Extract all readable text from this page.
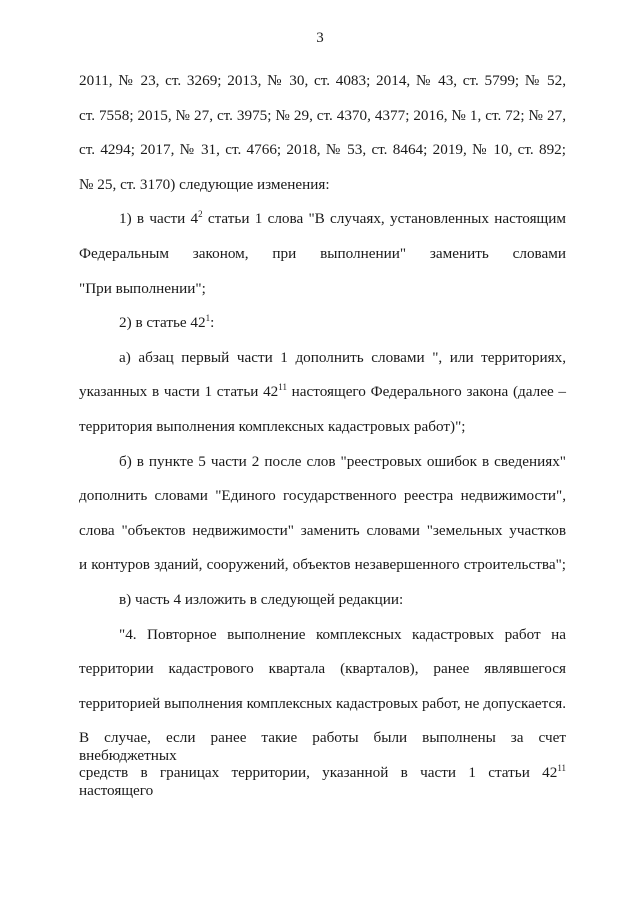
3
2011, № 23, ст. 3269; 2013, № 30, ст. 4083; 2014, № 43, ст. 5799; № 52,
ст. 7558; 2015, № 27, ст. 3975; № 29, ст. 4370, 4377; 2016, № 1, ст. 72; № 27,
ст. 4294; 2017, № 31, ст. 4766; 2018, № 53, ст. 8464; 2019, № 10, ст. 892;
№ 25, ст. 3170) следующие изменения:
1) в части $4^2$ статьи 1 слова "В случаях, установленных настоящим
Федеральным законом, при выполнении" заменить словами
"При выполнении";
2) в статье $42^1$:
а) абзац первый части 1 дополнить словами ", или территориях,
указанных в части 1 статьи $42^{11}$ настоящего Федерального закона (далее –
территория выполнения комплексных кадастровых работ)";
б) в пункте 5 части 2 после слов "реестровых ошибок в сведениях"
дополнить словами "Единого государственного реестра недвижимости",
слова "объектов недвижимости" заменить словами "земельных участков
и контуров зданий, сооружений, объектов незавершенного строительства";
в) часть 4 изложить в следующей редакции:
"4. Повторное выполнение комплексных кадастровых работ на
территории кадастрового квартала (кварталов), ранее являвшегося
территорией выполнения комплексных кадастровых работ, не допускается.
В случае, если ранее такие работы были выполнены за счет внебюджетных
средств в границах территории, указанной в части 1 статьи $42^{11}$ настоящего
